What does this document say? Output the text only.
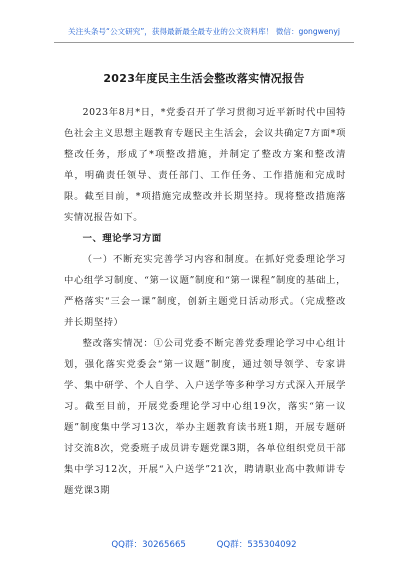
关注头条号“公文研究”，获得最新最全最专业的公文资料库！ 微信：gongwenyj
2023年度民主生活会整改落实情况报告

2023年8月*日，*党委召开了学习贯彻习近平新时代中国特色社会主义思想主题教育专题民主生活会，会议共确定7方面*项整改任务，形成了*项整改措施，并制定了整改方案和整改清单，明确责任领导、责任部门、工作任务、工作措施和完成时限。截至目前，*项措施完成整改并长期坚持。现将整改措施落实情况报告如下。

一、理论学习方面

（一）不断充实完善学习内容和制度。在抓好党委理论学习中心组学习制度、“第一议题”制度和“第一课程”制度的基础上，严格落实“三会一课”制度，创新主题党日活动形式。（完成整改并长期坚持）

整改落实情况：①公司党委不断完善党委理论学习中心组计划，强化落实党委会“第一议题”制度，通过领导领学、专家讲学、集中研学、个人自学、入户送学等多种学习方式深入开展学习。截至目前，开展党委理论学习中心组19次，落实“第一议题”制度集中学习13次，举办主题教育读书班1期，开展专题研讨交流8次，党委班子成员讲专题党课3期，各单位组织党员干部集中学习12次，开展“入户送学”21次，聘请职业高中教师讲专题党课3期

QQ群：30265665	QQ群：535304092
